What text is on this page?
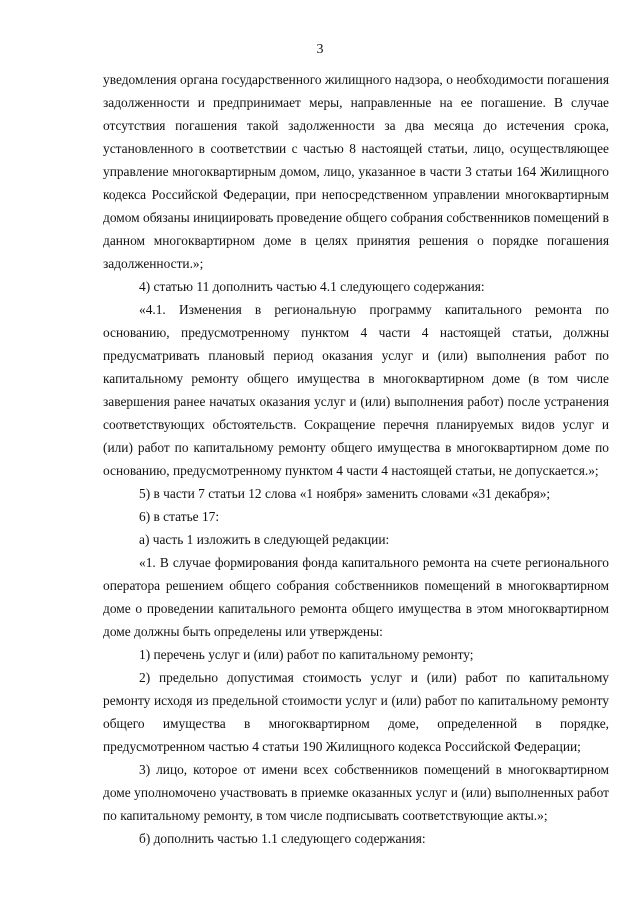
3

уведомления органа государственного жилищного надзора, о необходимости погашения задолженности и предпринимает меры, направленные на ее погашение. В случае отсутствия погашения такой задолженности за два месяца до истечения срока, установленного в соответствии с частью 8 настоящей статьи, лицо, осуществляющее управление многоквартирным домом, лицо, указанное в части 3 статьи 164 Жилищного кодекса Российской Федерации, при непосредственном управлении многоквартирным домом обязаны инициировать проведение общего собрания собственников помещений в данном многоквартирном доме в целях принятия решения о порядке погашения задолженности.»;

4) статью 11 дополнить частью 4.1 следующего содержания:

«4.1. Изменения в региональную программу капитального ремонта по основанию, предусмотренному пунктом 4 части 4 настоящей статьи, должны предусматривать плановый период оказания услуг и (или) выполнения работ по капитальному ремонту общего имущества в многоквартирном доме (в том числе завершения ранее начатых оказания услуг и (или) выполнения работ) после устранения соответствующих обстоятельств. Сокращение перечня планируемых видов услуг и (или) работ по капитальному ремонту общего имущества в многоквартирном доме по основанию, предусмотренному пунктом 4 части 4 настоящей статьи, не допускается.»;

5) в части 7 статьи 12 слова «1 ноября» заменить словами «31 декабря»;

6) в статье 17:

а) часть 1 изложить в следующей редакции:

«1. В случае формирования фонда капитального ремонта на счете регионального оператора решением общего собрания собственников помещений в многоквартирном доме о проведении капитального ремонта общего имущества в этом многоквартирном доме должны быть определены или утверждены:

1) перечень услуг и (или) работ по капитальному ремонту;

2) предельно допустимая стоимость услуг и (или) работ по капитальному ремонту исходя из предельной стоимости услуг и (или) работ по капитальному ремонту общего имущества в многоквартирном доме, определенной в порядке, предусмотренном частью 4 статьи 190 Жилищного кодекса Российской Федерации;

3) лицо, которое от имени всех собственников помещений в многоквартирном доме уполномочено участвовать в приемке оказанных услуг и (или) выполненных работ по капитальному ремонту, в том числе подписывать соответствующие акты.»;

б) дополнить частью 1.1 следующего содержания:
